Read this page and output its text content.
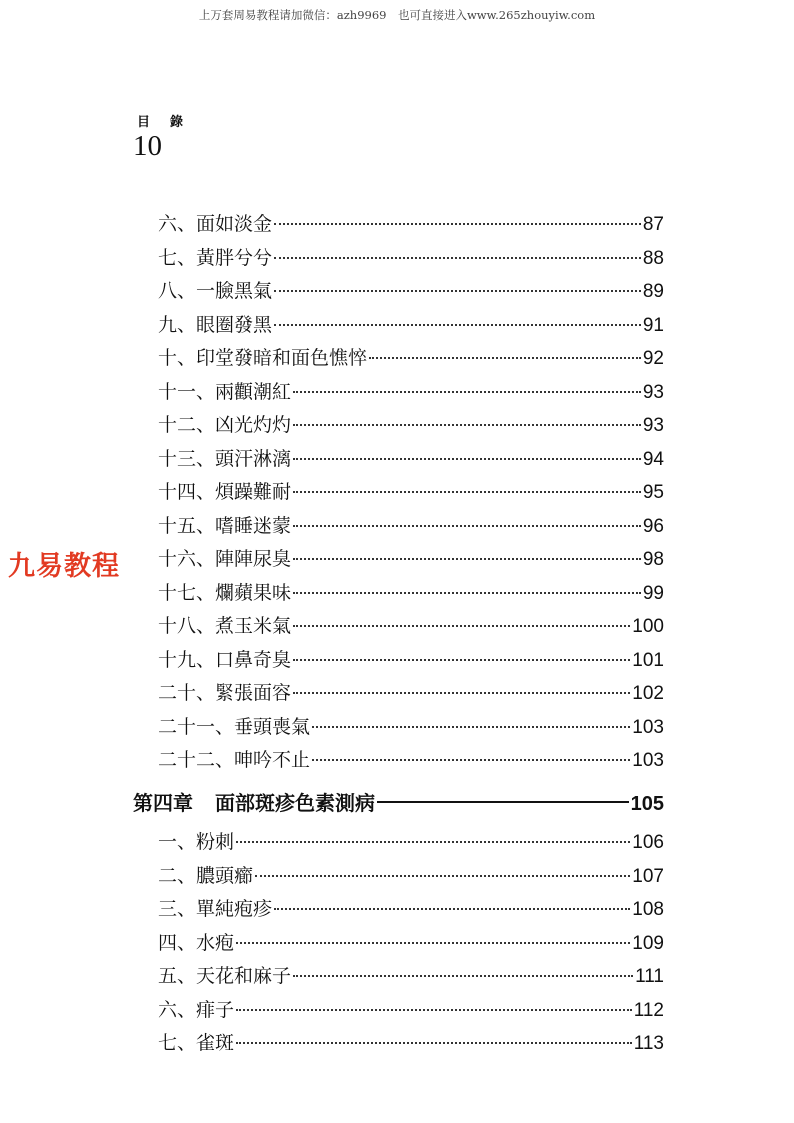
上万套周易教程请加微信：azh9969　也可直接进入www.265zhouyiw.com
目錄
10
九易教程
六、面如淡金	87
七、黃胖兮兮	88
八、一臉黑氣	89
九、眼圈發黑	91
十、印堂發暗和面色憔悴	92
十一、兩顴潮紅	93
十二、凶光灼灼	93
十三、頭汗淋漓	94
十四、煩躁難耐	95
十五、嗜睡迷蒙	96
十六、陣陣尿臭	98
十七、爛蘋果味	99
十八、煮玉米氣	100
十九、口鼻奇臭	101
二十、緊張面容	102
二十一、垂頭喪氣	103
二十二、呻吟不止	103
第四章 面部斑疹色素測病	105
一、粉刺	106
二、膿頭癤	107
三、單純疱疹	108
四、水疱	109
五、天花和麻子	111
六、痱子	112
七、雀斑	113
